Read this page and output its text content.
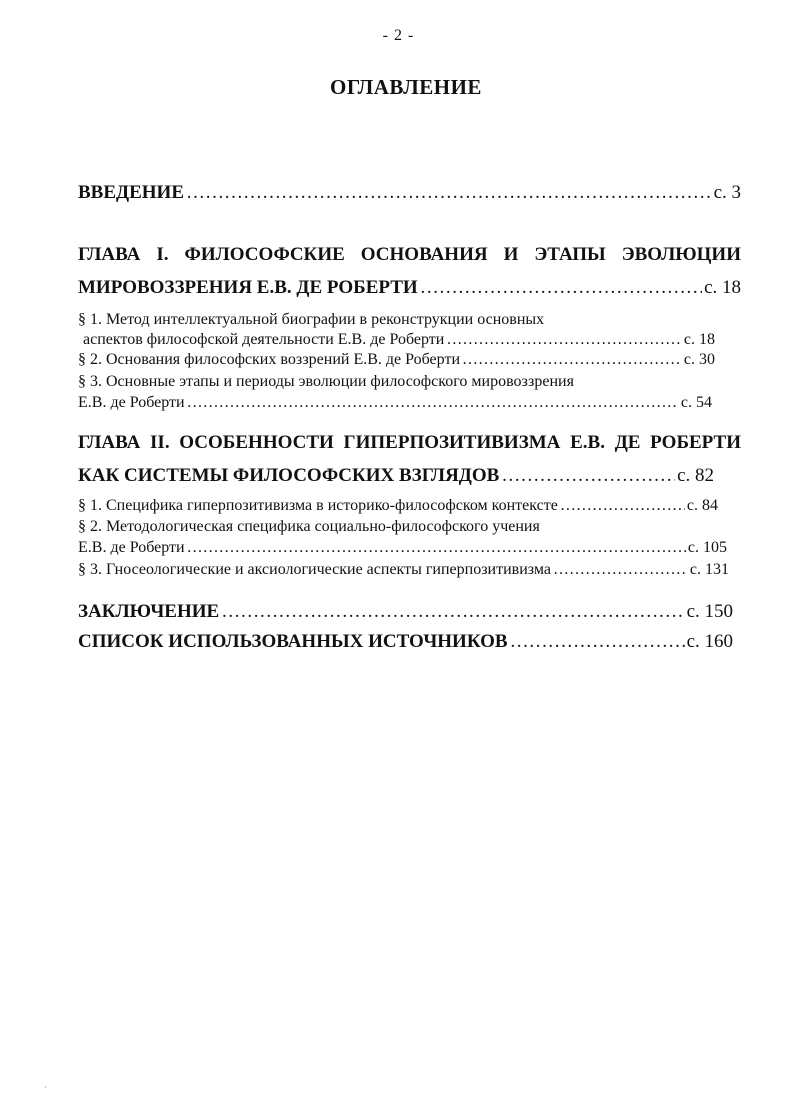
- 2 -
ОГЛАВЛЕНИЕ
ВВЕДЕНИЕ …………………………………………………………………………………………………………………………………………	с. 3
ГЛАВА I. ФИЛОСОФСКИЕ ОСНОВАНИЯ И ЭТАПЫ ЭВОЛЮЦИИ
МИРОВОЗЗРЕНИЯ Е.В. ДЕ РОБЕРТИ …………………………………………………………………………………………………………………………………………	с. 18
§ 1. Метод интеллектуальной биографии в реконструкции основных
аспектов философской деятельности Е.В. де Роберти …………………………………………………………………………………………………………………………………………	с. 18
§ 2. Основания философских воззрений Е.В. де Роберти …………………………………………………………………………………………………………………………………………	с. 30
§ 3. Основные этапы и периоды эволюции философского мировоззрения
Е.В. де Роберти …………………………………………………………………………………………………………………………………………	с. 54
ГЛАВА II. ОСОБЕННОСТИ ГИПЕРПОЗИТИВИЗМА Е.В. ДЕ РОБЕРТИ
КАК СИСТЕМЫ ФИЛОСОФСКИХ ВЗГЛЯДОВ …………………………………………………………………………………………………………………………………………	с. 82
§ 1. Специфика гиперпозитивизма в историко-философском контексте …………………………………………………………………………………………………………………………………………	с. 84
§ 2. Методологическая специфика социально-философского учения
Е.В. де Роберти …………………………………………………………………………………………………………………………………………	с. 105
§ 3. Гносеологические и аксиологические аспекты гиперпозитивизма …………………………………………………………………………………………………………………………………………	с. 131
ЗАКЛЮЧЕНИЕ …………………………………………………………………………………………………………………………………………	с. 150
СПИСОК ИСПОЛЬЗОВАННЫХ ИСТОЧНИКОВ …………………………………………………………………………………………………………………………………………	с. 160
·
